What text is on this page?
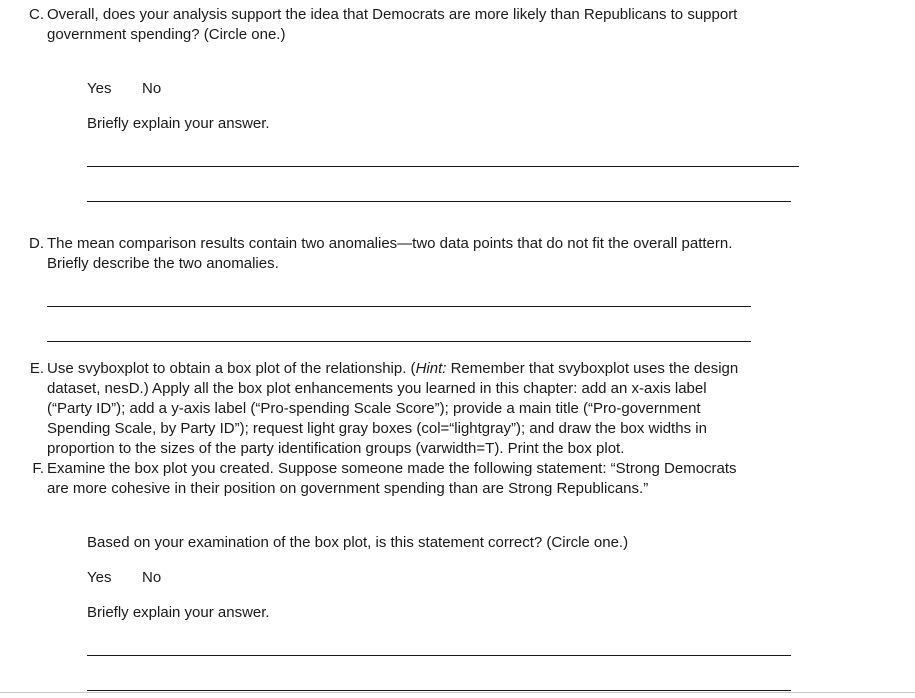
C. Overall, does your analysis support the idea that Democrats are more likely than Republicans to support
government spending? (Circle one.)
Yes No
Briefly explain your answer.
D. The mean comparison results contain two anomalies—two data points that do not fit the overall pattern.
Briefly describe the two anomalies.
E. Use svyboxplot to obtain a box plot of the relationship. (Hint: Remember that svyboxplot uses the design
dataset, nesD.) Apply all the box plot enhancements you learned in this chapter: add an x-axis label
(“Party ID”); add a y-axis label (“Pro-spending Scale Score”); provide a main title (“Pro-government
Spending Scale, by Party ID”); request light gray boxes (col=“lightgray”); and draw the box widths in
proportion to the sizes of the party identification groups (varwidth=T). Print the box plot.
F. Examine the box plot you created. Suppose someone made the following statement: “Strong Democrats
are more cohesive in their position on government spending than are Strong Republicans.”
Based on your examination of the box plot, is this statement correct? (Circle one.)
Yes No
Briefly explain your answer.
